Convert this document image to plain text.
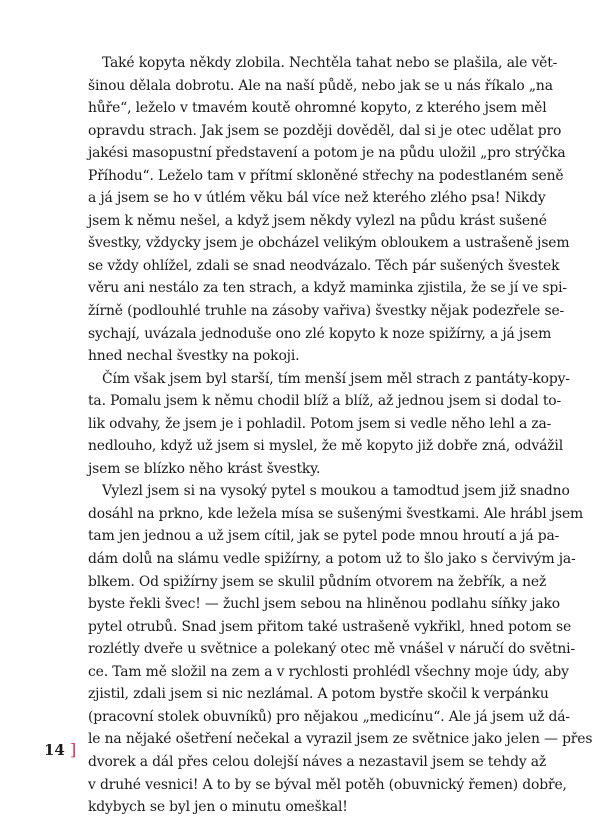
Také kopyta někdy zlobila. Nechtěla tahat nebo se plašila, ale vět-
šinou dělala dobrotu. Ale na naší půdě, nebo jak se u nás říkalo „na
hůře“, leželo v tmavém koutě ohromné kopyto, z kterého jsem měl
opravdu strach. Jak jsem se později dověděl, dal si je otec udělat pro
jakési masopustní představení a potom je na půdu uložil „pro strýčka
Příhodu“. Leželo tam v přítmí skloněné střechy na podestlaném seně
a já jsem se ho v útlém věku bál více než kterého zlého psa! Nikdy
jsem k němu nešel, a když jsem někdy vylezl na půdu krást sušené
švestky, vždycky jsem je obcházel velikým obloukem a ustrašeně jsem
se vždy ohlížel, zdali se snad neodvázalo. Těch pár sušených švestek
věru ani nestálo za ten strach, a když maminka zjistila, že se jí ve spi-
žírně (podlouhlé truhle na zásoby vařiva) švestky nějak podezřele se-
sychají, uvázala jednoduše ono zlé kopyto k noze spižírny, a já jsem
hned nechal švestky na pokoji.
Čím však jsem byl starší, tím menší jsem měl strach z pantáty-kopy-
ta. Pomalu jsem k němu chodil blíž a blíž, až jednou jsem si dodal to-
lik odvahy, že jsem je i pohladil. Potom jsem si vedle něho lehl a za-
nedlouho, když už jsem si myslel, že mě kopyto již dobře zná, odvážil
jsem se blízko něho krást švestky.
Vylezl jsem si na vysoký pytel s moukou a tamodtud jsem již snadno
dosáhl na prkno, kde ležela mísa se sušenými švestkami. Ale hrábl jsem
tam jen jednou a už jsem cítil, jak se pytel pode mnou hroutí a já pa-
dám dolů na slámu vedle spižírny, a potom už to šlo jako s červivým ja-
blkem. Od spižírny jsem se skulil půdním otvorem na žebřík, a než
byste řekli švec! — žuchl jsem sebou na hliněnou podlahu síňky jako
pytel otrubů. Snad jsem přitom také ustrašeně vykřikl, hned potom se
rozlétly dveře u světnice a polekaný otec mě vnášel v náručí do světni-
ce. Tam mě složil na zem a v rychlosti prohlédl všechny moje údy, aby
zjistil, zdali jsem si nic nezlámal. A potom bystře skočil k verpánku
(pracovní stolek obuvníků) pro nějakou „medicínu“. Ale já jsem už dá-
le na nějaké ošetření nečekal a vyrazil jsem ze světnice jako jelen — přes
dvorek a dál přes celou dolejší náves a nezastavil jsem se tehdy až
v druhé vesnici! A to by se býval měl potěh (obuvnický řemen) dobře,
kdybych se byl jen o minutu omeškal!
14 ]
